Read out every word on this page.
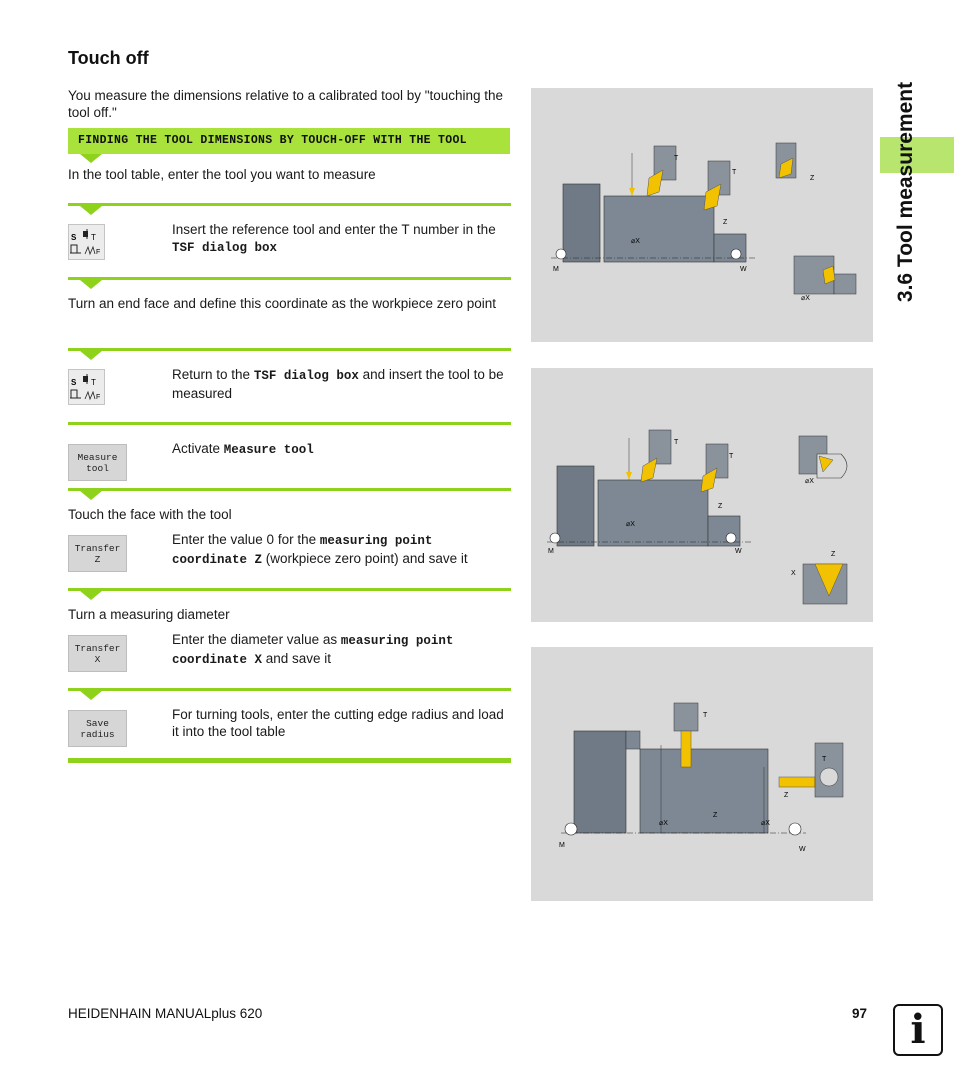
Touch off
You measure the dimensions relative to a calibrated tool by "touching the tool off."
FINDING THE TOOL DIMENSIONS BY TOUCH-OFF WITH THE TOOL
In the tool table, enter the tool you want to measure
S T
F
Insert the reference tool and enter the T number in the TSF dialog box
Turn an end face and define this coordinate as the workpiece zero point
S T
F
Return to the TSF dialog box and insert the tool to be measured
Measure
tool
Activate Measure tool
Touch the face with the tool
Transfer
Z
Enter the value 0 for the measuring point coordinate Z (workpiece zero point) and save it
Turn a measuring diameter
Transfer
X
Enter the diameter value as measuring point coordinate X and save it
Save
radius
For turning tools, enter the cutting edge radius and load it into the tool table
T
T
Z
⌀X
M	W
Z
⌀X
T
T
Z
⌀X
M	W
⌀X
Z
X
T
T
Z
Z
⌀X	⌀X
M
W
3.6 Tool measurement
HEIDENHAIN MANUALplus 620	97	i
